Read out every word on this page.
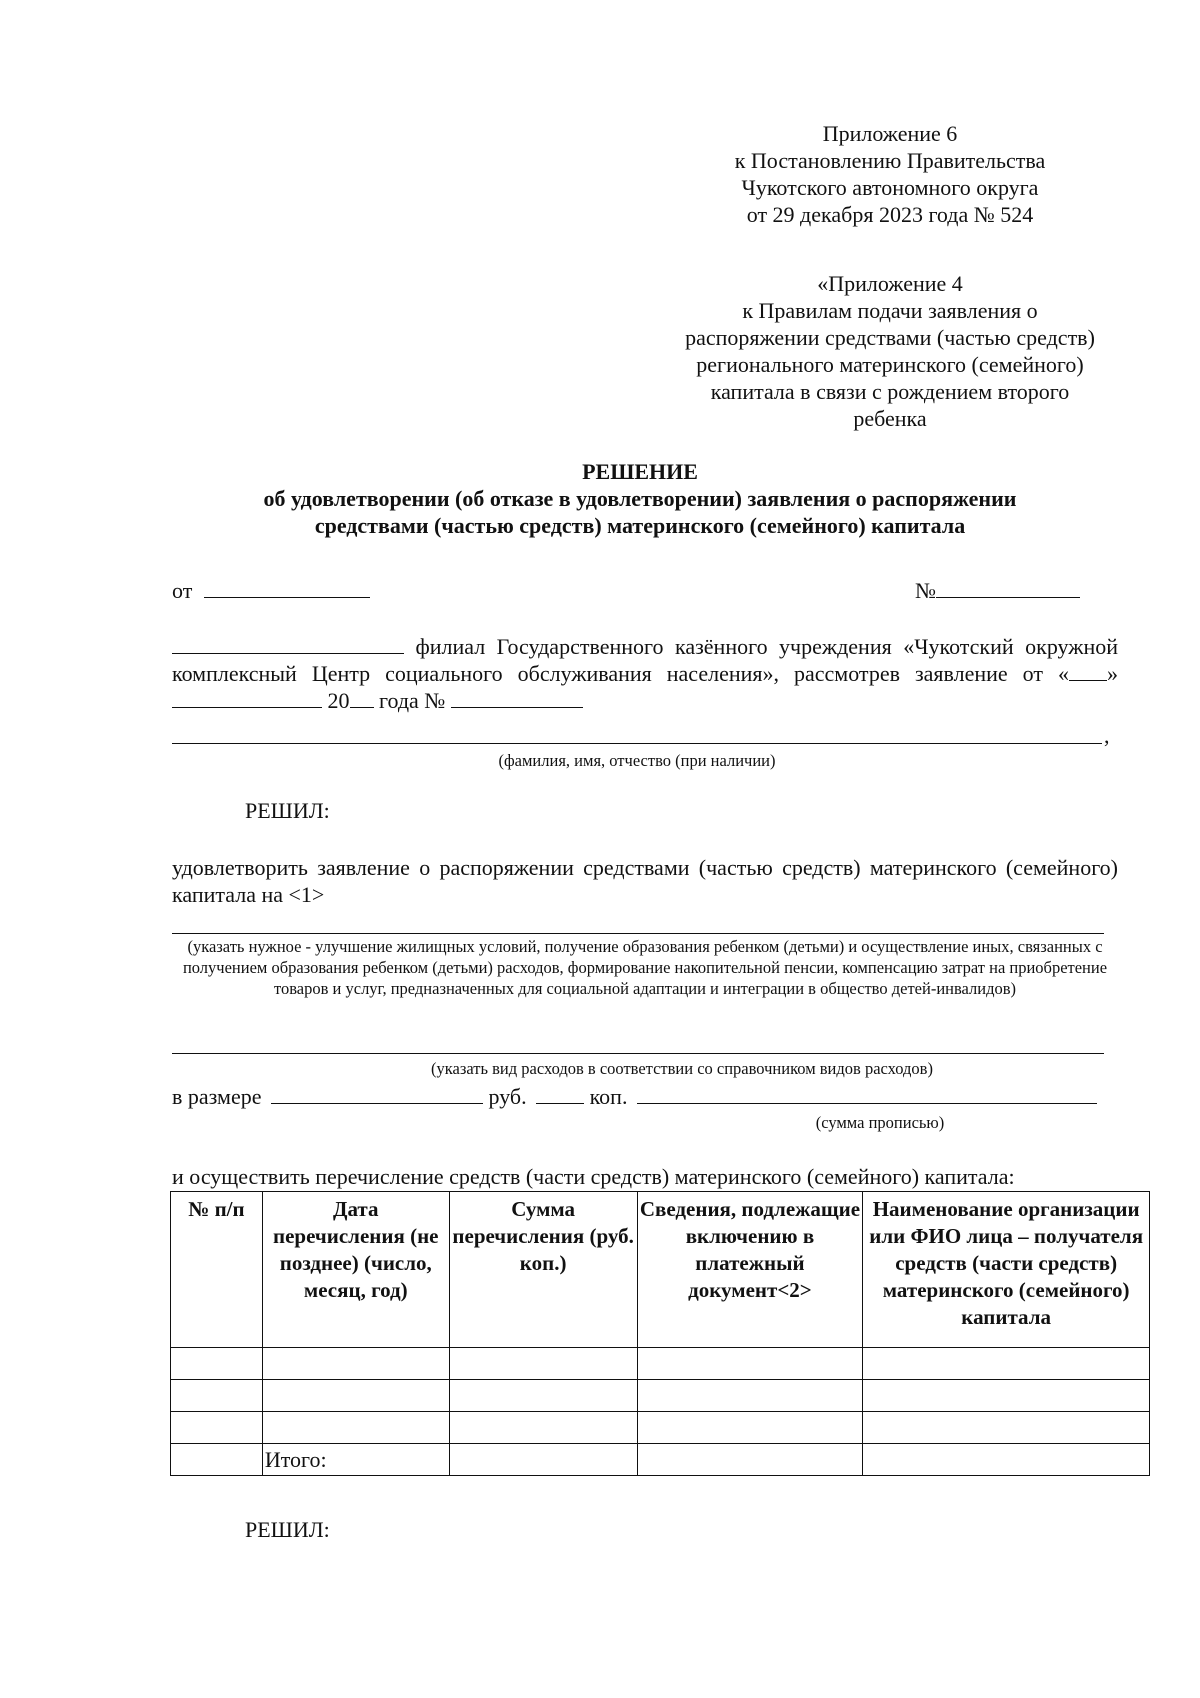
Приложение 6
к Постановлению Правительства
Чукотского автономного округа
от 29 декабря 2023 года № 524
«Приложение 4
к Правилам подачи заявления о
распоряжении средствами (частью средств)
регионального материнского (семейного)
капитала в связи с рождением второго
ребенка
РЕШЕНИЕ
об удовлетворении (об отказе в удовлетворении) заявления о распоряжении
средствами (частью средств) материнского (семейного) капитала
от	№
филиал Государственного казённого учреждения «Чукотский окружной комплексный Центр социального обслуживания населения», рассмотрев заявление от « »  20 года №
,
(фамилия, имя, отчество (при наличии)
РЕШИЛ:
удовлетворить заявление о распоряжении средствами (частью средств) материнского (семейного) капитала на <1>
(указать нужное - улучшение жилищных условий, получение образования ребенком (детьми) и осуществление иных, связанных с получением образования ребенком (детьми) расходов, формирование накопительной пенсии, компенсацию затрат на приобретение товаров и услуг, предназначенных для социальной адаптации и интеграции в общество детей-инвалидов)
(указать вид расходов в соответствии со справочником видов расходов)
в размере	руб.	коп.
(сумма прописью)
и осуществить перечисление средств (части средств) материнского (семейного) капитала:
№ п/п	Дата перечисления (не позднее) (число, месяц, год)	Сумма перечисления (руб. коп.)	Сведения, подлежащие включению в платежный документ<2>	Наименование организации или ФИО лица – получателя средств (части средств) материнского (семейного) капитала

	Итого:			
РЕШИЛ:
